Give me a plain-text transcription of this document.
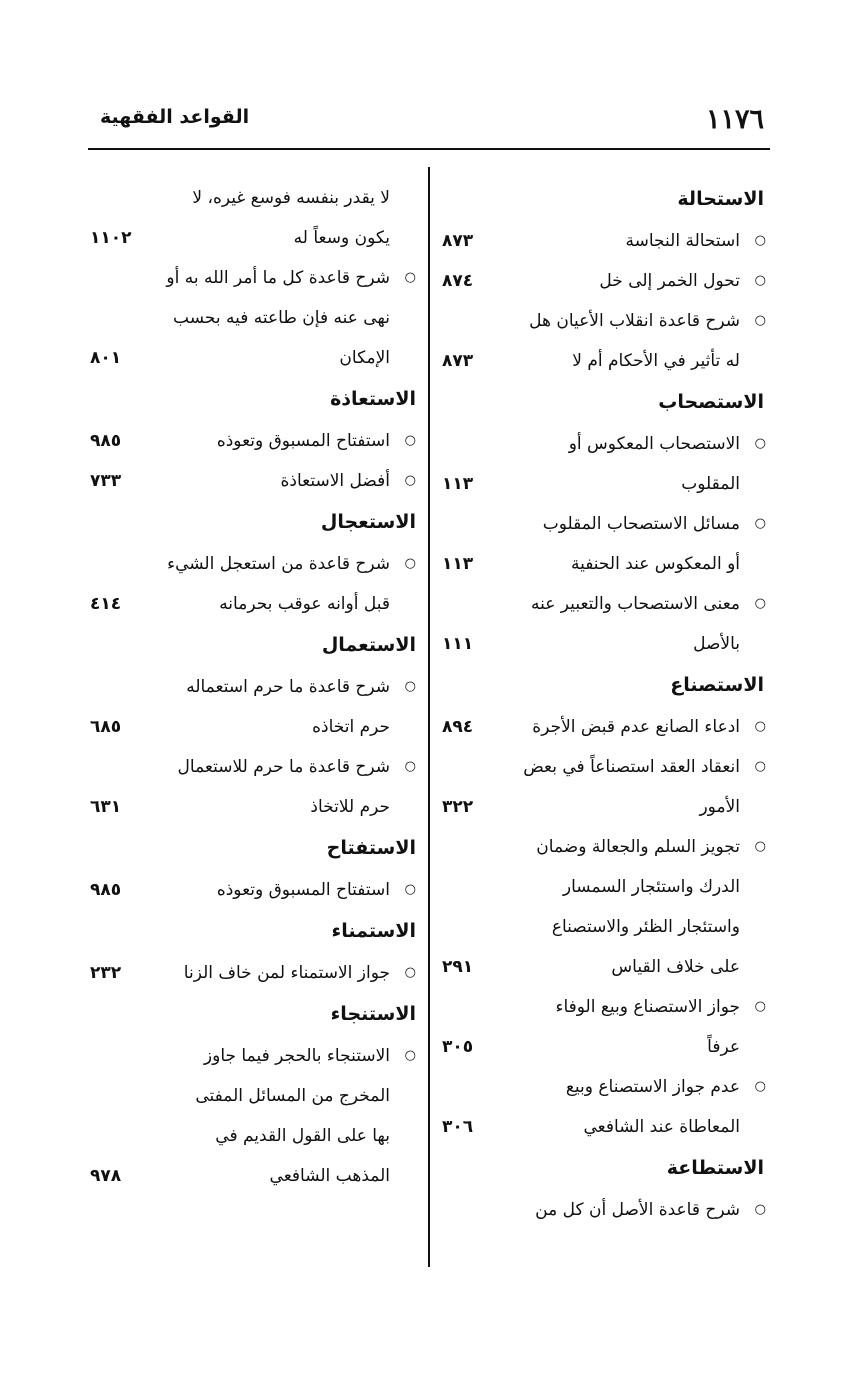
١١٧٦
القواعد الفقهية
الاستحالة
○
استحالة النجاسة
٨٧٣
○
تحول الخمر إلى خل
٨٧٤
○
شرح قاعدة انقلاب الأعيان هل
له تأثير في الأحكام أم لا
٨٧٣
الاستصحاب
○
الاستصحاب المعكوس أو
المقلوب
١١٣
○
مسائل الاستصحاب المقلوب
أو المعكوس عند الحنفية
١١٣
○
معنى الاستصحاب والتعبير عنه
بالأصل
١١١
الاستصناع
○
ادعاء الصانع عدم قبض الأجرة
٨٩٤
○
انعقاد العقد استصناعاً في بعض
الأمور
٣٢٢
○
تجويز السلم والجعالة وضمان
الدرك واستئجار السمسار
واستئجار الظئر والاستصناع
على خلاف القياس
٢٩١
○
جواز الاستصناع وبيع الوفاء
عرفاً
٣٠٥
○
عدم جواز الاستصناع وبيع
المعاطاة عند الشافعي
٣٠٦
الاستطاعة
○
شرح قاعدة الأصل أن كل من
لا يقدر بنفسه فوسع غيره، لا
يكون وسعاً له
١١٠٢
○
شرح قاعدة كل ما أمر الله به أو
نهى عنه فإن طاعته فيه بحسب
الإمكان
٨٠١
الاستعاذة
○
استفتاح المسبوق وتعوذه
٩٨٥
○
أفضل الاستعاذة
٧٣٣
الاستعجال
○
شرح قاعدة من استعجل الشيء
قبل أوانه عوقب بحرمانه
٤١٤
الاستعمال
○
شرح قاعدة ما حرم استعماله
حرم اتخاذه
٦٨٥
○
شرح قاعدة ما حرم للاستعمال
حرم للاتخاذ
٦٣١
الاستفتاح
○
استفتاح المسبوق وتعوذه
٩٨٥
الاستمناء
○
جواز الاستمناء لمن خاف الزنا
٢٣٢
الاستنجاء
○
الاستنجاء بالحجر فيما جاوز
المخرج من المسائل المفتى
بها على القول القديم في
المذهب الشافعي
٩٧٨
